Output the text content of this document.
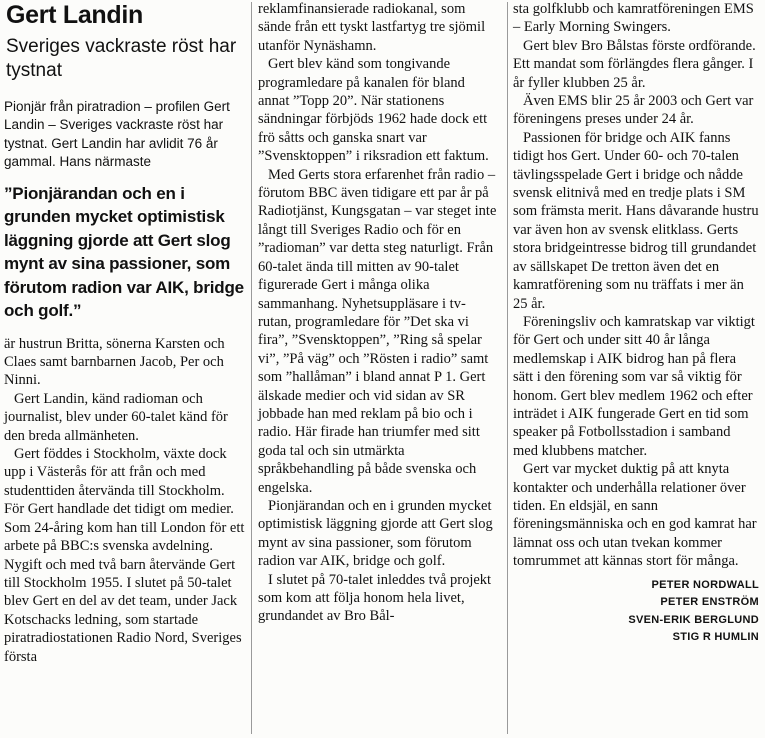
Gert Landin
Sveriges vackraste röst har tystnat

Pionjär från piratradion – profilen Gert Landin – Sveriges vackraste röst har tystnat. Gert Landin har avlidit 76 år gammal. Hans närmaste

”Pionjärandan och en i grunden mycket optimistisk läggning gjorde att Gert slog mynt av sina passioner, som förutom radion var AIK, bridge och golf.”

är hustrun Britta, sönerna Karsten och Claes samt barnbarnen Jacob, Per och Ninni.

Gert Landin, känd radioman och journalist, blev under 60-talet känd för den breda allmänheten.

Gert föddes i Stockholm, växte dock upp i Västerås för att från och med studenttiden återvända till Stockholm. För Gert handlade det tidigt om medier. Som 24-åring kom han till London för ett arbete på BBC:s svenska avdelning. Nygift och med två barn återvände Gert till Stockholm 1955. I slutet på 50-talet blev Gert en del av det team, under Jack Kotschacks ledning, som startade piratradiostationen Radio Nord, Sveriges första

reklamfinansierade radiokanal, som sände från ett tyskt lastfartyg tre sjömil utanför Nynäshamn.

Gert blev känd som tongivande programledare på kanalen för bland annat ”Topp 20”. När stationens sändningar förbjöds 1962 hade dock ett frö såtts och ganska snart var ”Svensktoppen” i riksradion ett faktum.

Med Gerts stora erfarenhet från radio – förutom BBC även tidigare ett par år på Radiotjänst, Kungsgatan – var steget inte långt till Sveriges Radio och för en ”radioman” var detta steg naturligt. Från 60-talet ända till mitten av 90-talet figurerade Gert i många olika sammanhang. Nyhetsuppläsare i tv-rutan, programledare för ”Det ska vi fira”, ”Svensktoppen”, ”Ring så spelar vi”, ”På väg” och ”Rösten i radio” samt som ”hallåman” i bland annat P 1. Gert älskade medier och vid sidan av SR jobbade han med reklam på bio och i radio. Här firade han triumfer med sitt goda tal och sin utmärkta språkbehandling på både svenska och engelska.

Pionjärandan och en i grunden mycket optimistisk läggning gjorde att Gert slog mynt av sina passioner, som förutom radion var AIK, bridge och golf.

I slutet på 70-talet inleddes två projekt som kom att följa honom hela livet, grundandet av Bro Bål-

sta golfklubb och kamratföreningen EMS – Early Morning Swingers.

Gert blev Bro Bålstas förste ordförande. Ett mandat som förlängdes flera gånger. I år fyller klubben 25 år.

Även EMS blir 25 år 2003 och Gert var föreningens preses under 24 år.

Passionen för bridge och AIK fanns tidigt hos Gert. Under 60- och 70-talen tävlingsspelade Gert i bridge och nådde svensk elitnivå med en tredje plats i SM som främsta merit. Hans dåvarande hustru var även hon av svensk elitklass. Gerts stora bridgeintresse bidrog till grundandet av sällskapet De tretton även det en kamratförening som nu träffats i mer än 25 år.

Föreningsliv och kamratskap var viktigt för Gert och under sitt 40 år långa medlemskap i AIK bidrog han på flera sätt i den förening som var så viktig för honom. Gert blev medlem 1962 och efter inträdet i AIK fungerade Gert en tid som speaker på Fotbollsstadion i samband med klubbens matcher.

Gert var mycket duktig på att knyta kontakter och underhålla relationer över tiden. En eldsjäl, en sann föreningsmänniska och en god kamrat har lämnat oss och utan tvekan kommer tomrummet att kännas stort för många.

PETER NORDWALL
PETER ENSTRÖM
SVEN-ERIK BERGLUND
STIG R HUMLIN
